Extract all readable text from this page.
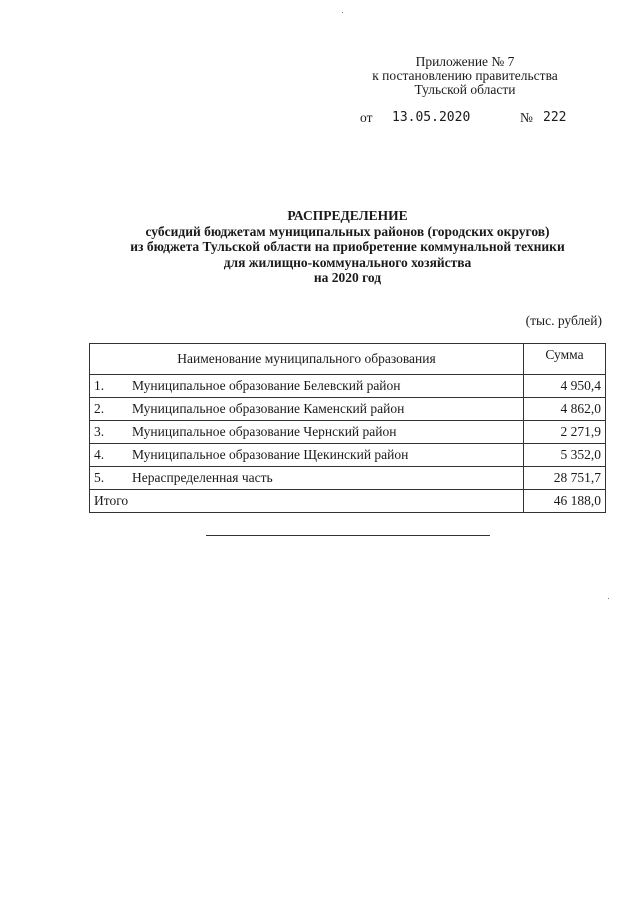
Приложение № 7
к постановлению правительства
Тульской области
от 13.05.2020	№ 222
РАСПРЕДЕЛЕНИЕ
субсидий бюджетам муниципальных районов (городских округов)
из бюджета Тульской области на приобретение коммунальной техники
для жилищно-коммунального хозяйства
на 2020 год
(тыс. рублей)
Наименование муниципального образования		Сумма
1.	Муниципальное образование Белевский район	4 950,4
2.	Муниципальное образование Каменский район	4 862,0
3.	Муниципальное образование Чернский район	2 271,9
4.	Муниципальное образование Щекинский район	5 352,0
5.	Нераспределенная часть	28 751,7
Итого		46 188,0
